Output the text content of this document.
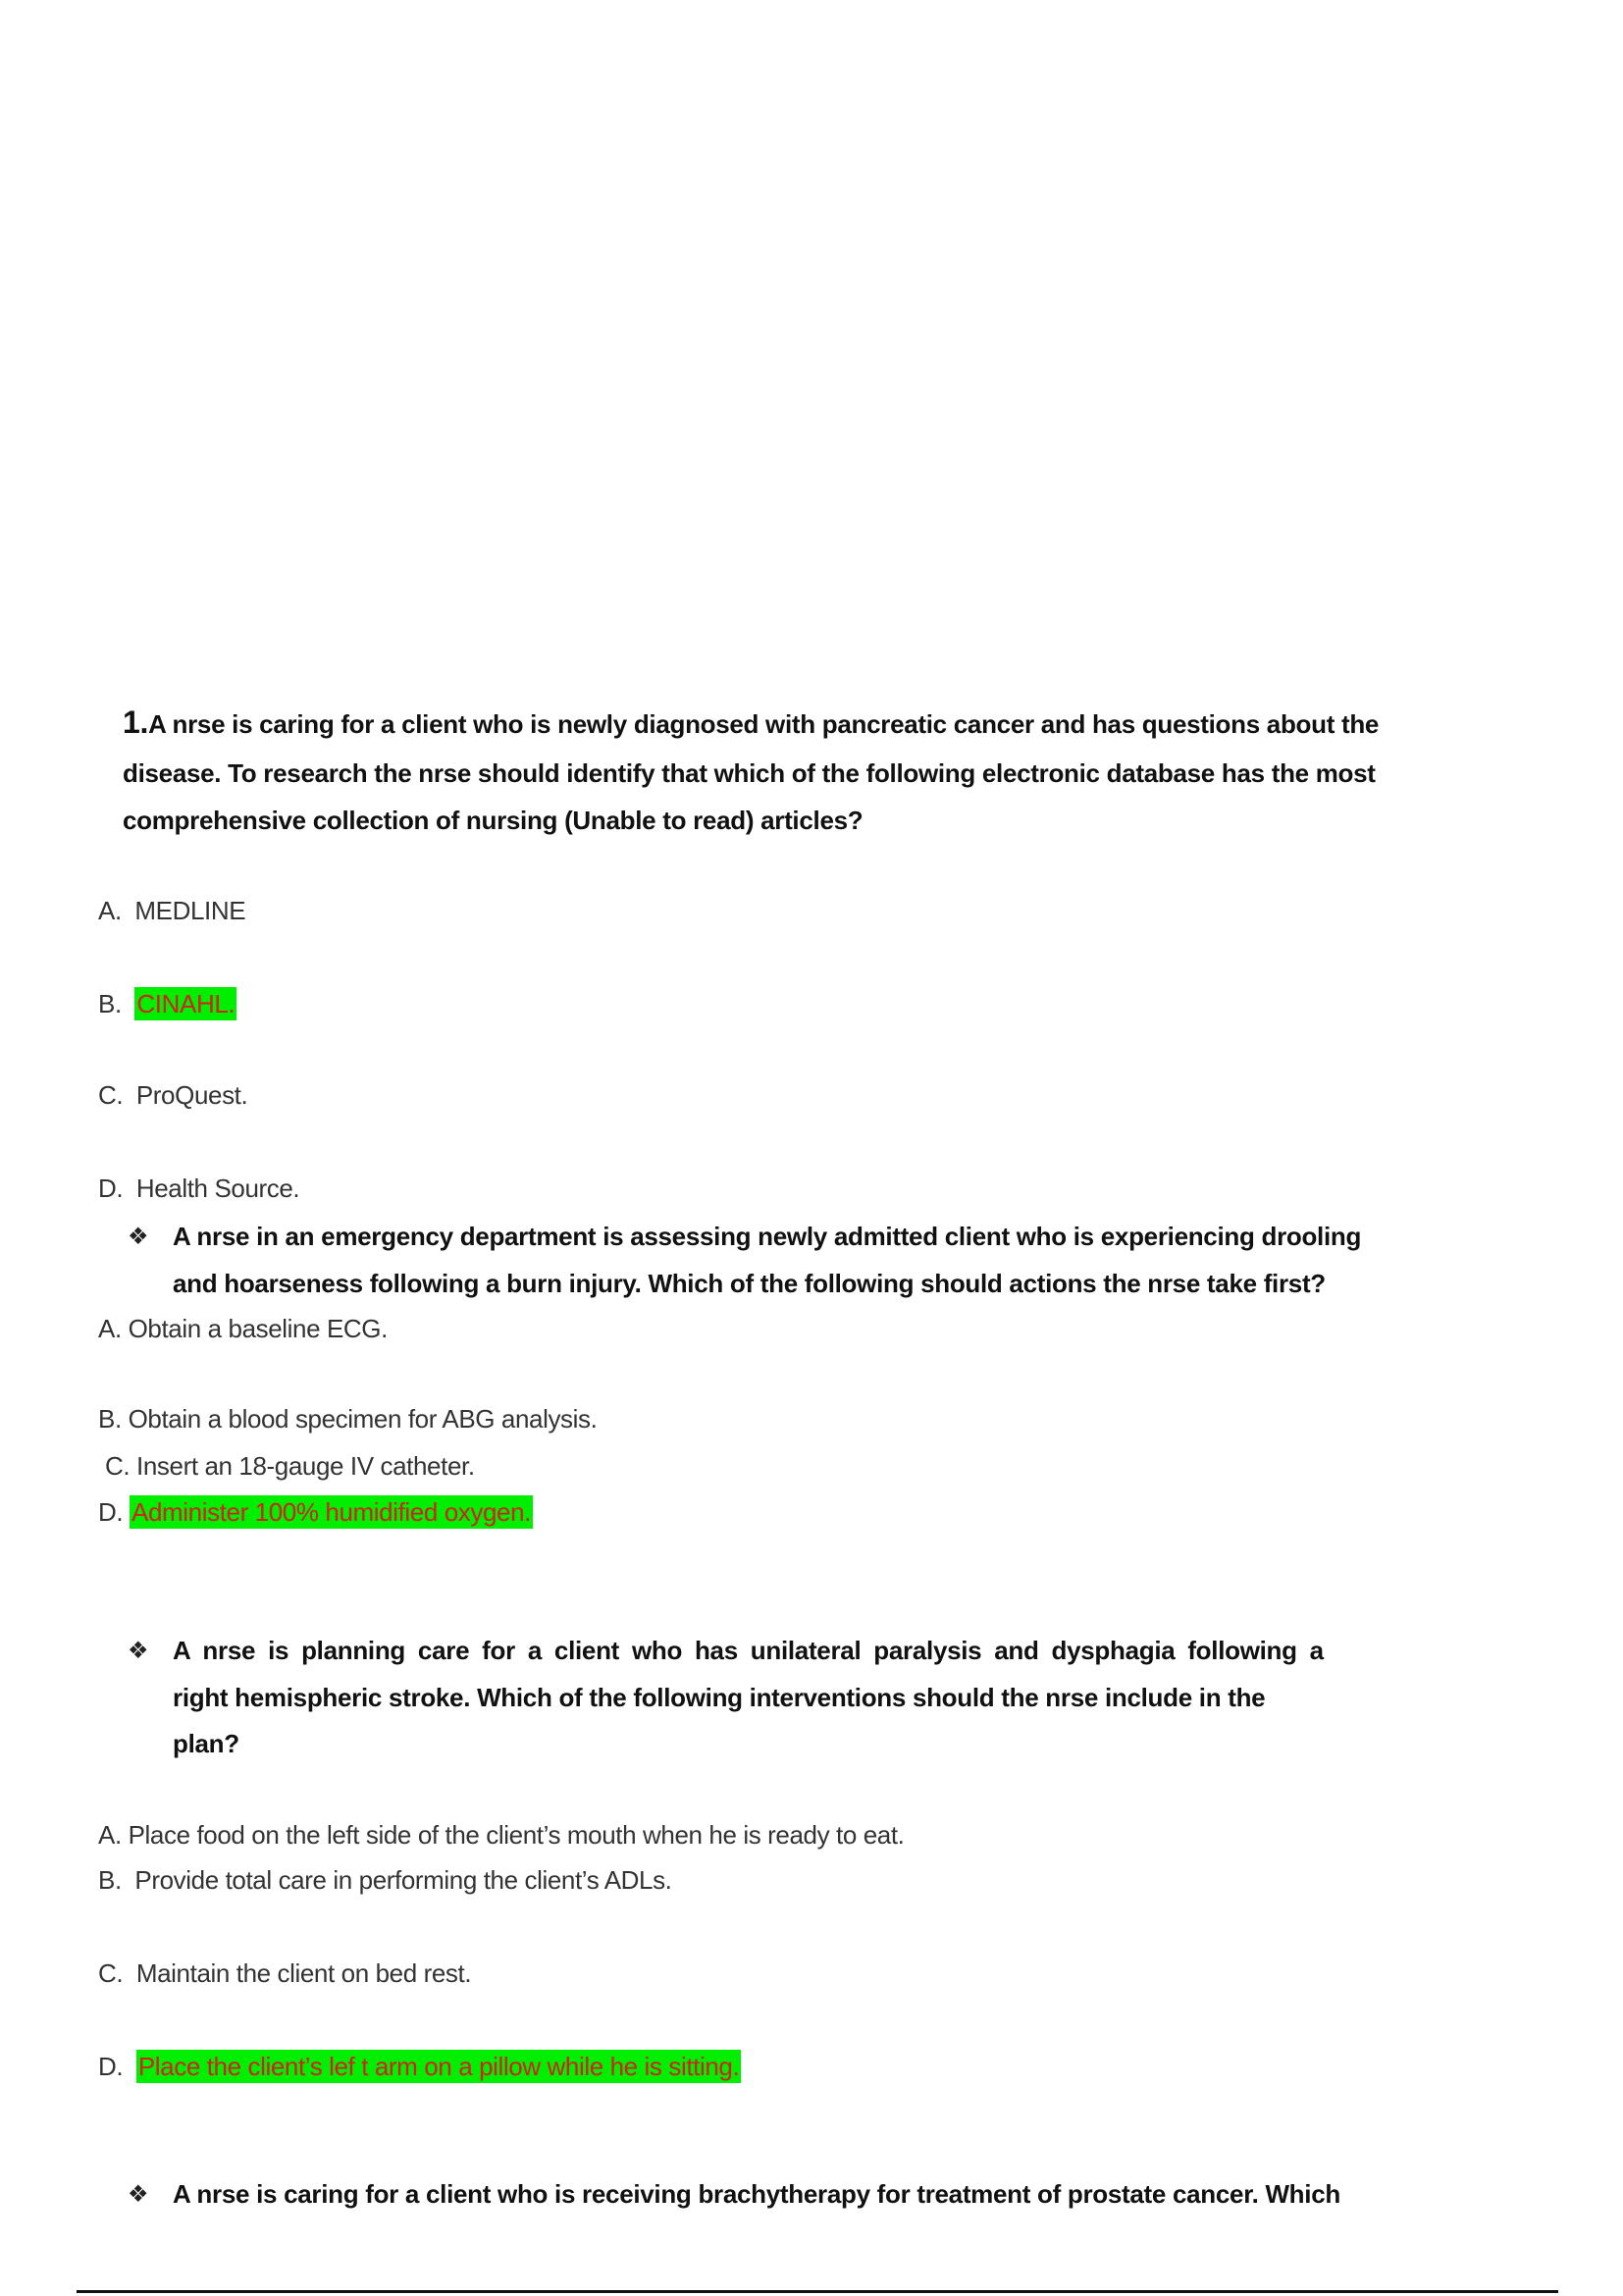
1.A nrse is caring for a client who is newly diagnosed with pancreatic cancer and has questions about the
disease. To research the nrse should identify that which of the following electronic database has the most
comprehensive collection of nursing (Unable to read) articles?
A. MEDLINE
B. CINAHL.
C. ProQuest.
D. Health Source.
❖ A nrse in an emergency department is assessing newly admitted client who is experiencing drooling
and hoarseness following a burn injury. Which of the following should actions the nrse take first?
A. Obtain a baseline ECG.
B. Obtain a blood specimen for ABG analysis.
C. Insert an 18-gauge IV catheter.
D. Administer 100% humidified oxygen.
❖ A nrse is planning care for a client who has unilateral paralysis and dysphagia following a
right hemispheric stroke. Which of the following interventions should the nrse include in the
plan?
A. Place food on the left side of the client’s mouth when he is ready to eat.
B. Provide total care in performing the client’s ADLs.
C. Maintain the client on bed rest.
D. Place the client’s lef t arm on a pillow while he is sitting.
❖ A nrse is caring for a client who is receiving brachytherapy for treatment of prostate cancer. Which
